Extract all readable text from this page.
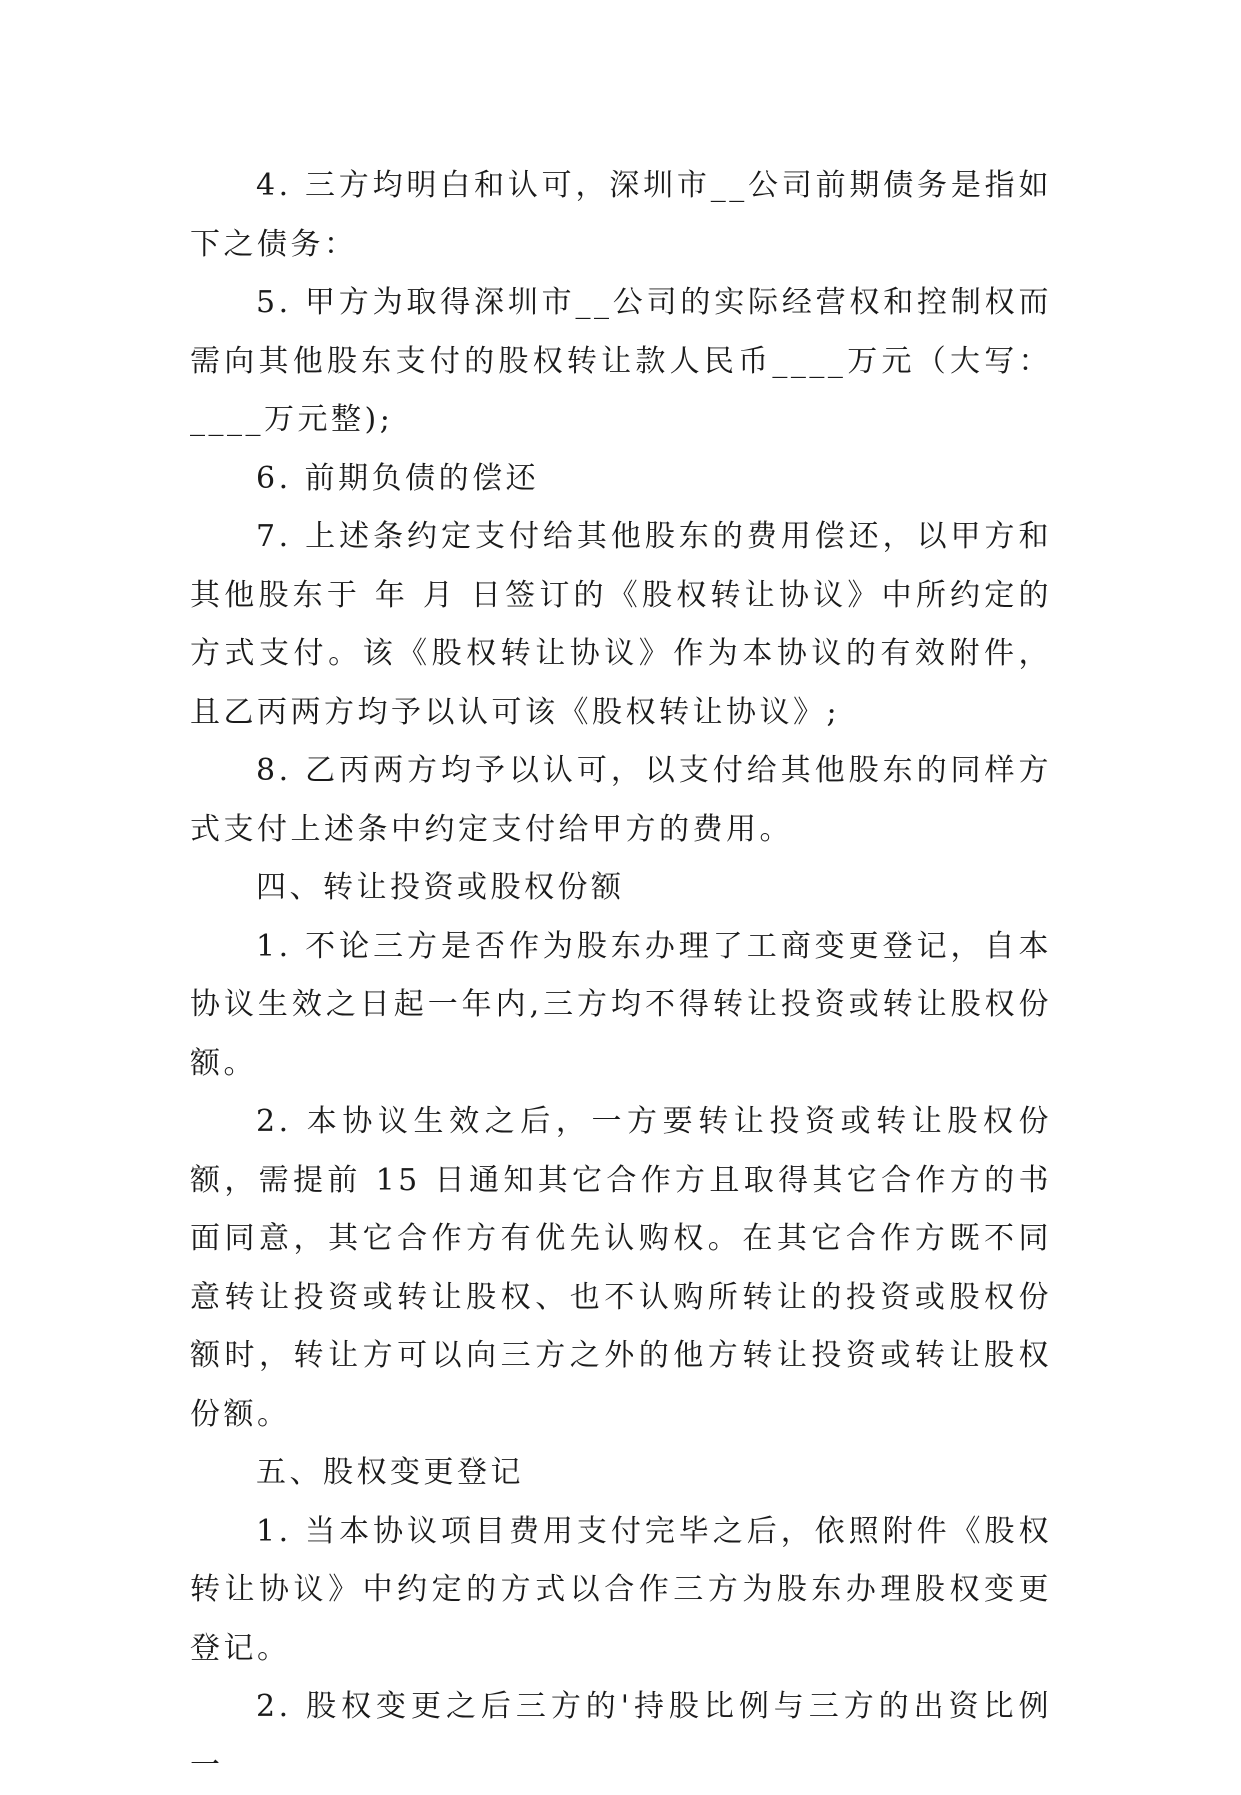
4. 三方均明白和认可，深圳市__公司前期债务是指如下之债务：

5. 甲方为取得深圳市__公司的实际经营权和控制权而需向其他股东支付的股权转让款人民币____万元（大写：____万元整);

6. 前期负债的偿还

7. 上述条约定支付给其他股东的费用偿还，以甲方和其他股东于 年 月 日签订的《股权转让协议》中所约定的方式支付。该《股权转让协议》作为本协议的有效附件，且乙丙两方均予以认可该《股权转让协议》;

8. 乙丙两方均予以认可，以支付给其他股东的同样方式支付上述条中约定支付给甲方的费用。

四、转让投资或股权份额

1. 不论三方是否作为股东办理了工商变更登记，自本协议生效之日起一年内,三方均不得转让投资或转让股权份额。

2. 本协议生效之后，一方要转让投资或转让股权份额，需提前 15 日通知其它合作方且取得其它合作方的书面同意，其它合作方有优先认购权。在其它合作方既不同意转让投资或转让股权、也不认购所转让的投资或股权份额时，转让方可以向三方之外的他方转让投资或转让股权份额。

五、股权变更登记

1. 当本协议项目费用支付完毕之后，依照附件《股权转让协议》中约定的方式以合作三方为股东办理股权变更登记。

2. 股权变更之后三方的'持股比例与三方的出资比例一
